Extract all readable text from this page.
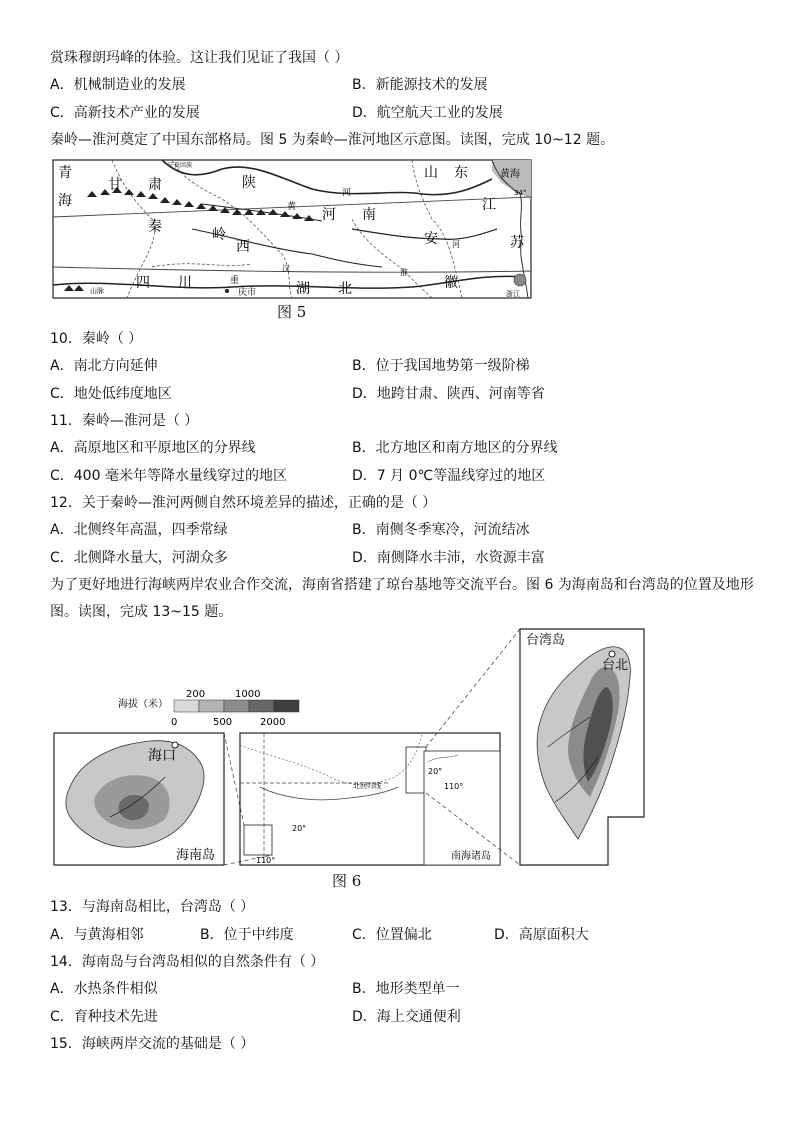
赏珠穆朗玛峰的体验。这让我们见证了我国（ ）
A．机械制造业的发展	B．新能源技术的发展
C．高新技术产业的发展	D．航空航天工业的发展
秦岭—淮河奠定了中国东部格局。图 5 为秦岭—淮河地区示意图。读图，完成 10~12 题。
青
海
甘 肃
宁夏回族
陕
黄
河
河 南
山 东	黄海
34°
江
苏
安 河
淮
徽
秦	岭
西
汉
四 川	重
庆市	湖 北
山脉	浙江
图 5
10．秦岭（ ）
A．南北方向延伸	B．位于我国地势第一级阶梯
C．地处低纬度地区	D．地跨甘肃、陕西、河南等省
11．秦岭—淮河是（ ）
A．高原地区和平原地区的分界线	B．北方地区和南方地区的分界线
C．400 毫米年等降水量线穿过的地区	D．7 月 0℃等温线穿过的地区
12．关于秦岭—淮河两侧自然环境差异的描述，正确的是（ ）
A．北侧终年高温，四季常绿	B．南侧冬季寒冷，河流结冰
C．北侧降水量大，河湖众多	D．南侧降水丰沛，水资源丰富
为了更好地进行海峡两岸农业合作交流，海南省搭建了琼台基地等交流平台。图 6 为海南岛和台湾岛的位置及地形
图。读图，完成 13~15 题。
海拔（米）
200	1000
0	500	2000
海口
海南岛
20°
110°
北回归线
20°
110°
南海诸岛
台湾岛
台北
图 6
13．与海南岛相比，台湾岛（ ）
A．与黄海相邻	B．位于中纬度	C．位置偏北	D．高原面积大
14．海南岛与台湾岛相似的自然条件有（ ）
A．水热条件相似	B．地形类型单一
C．育种技术先进	D．海上交通便利
15．海峡两岸交流的基础是（ ）
